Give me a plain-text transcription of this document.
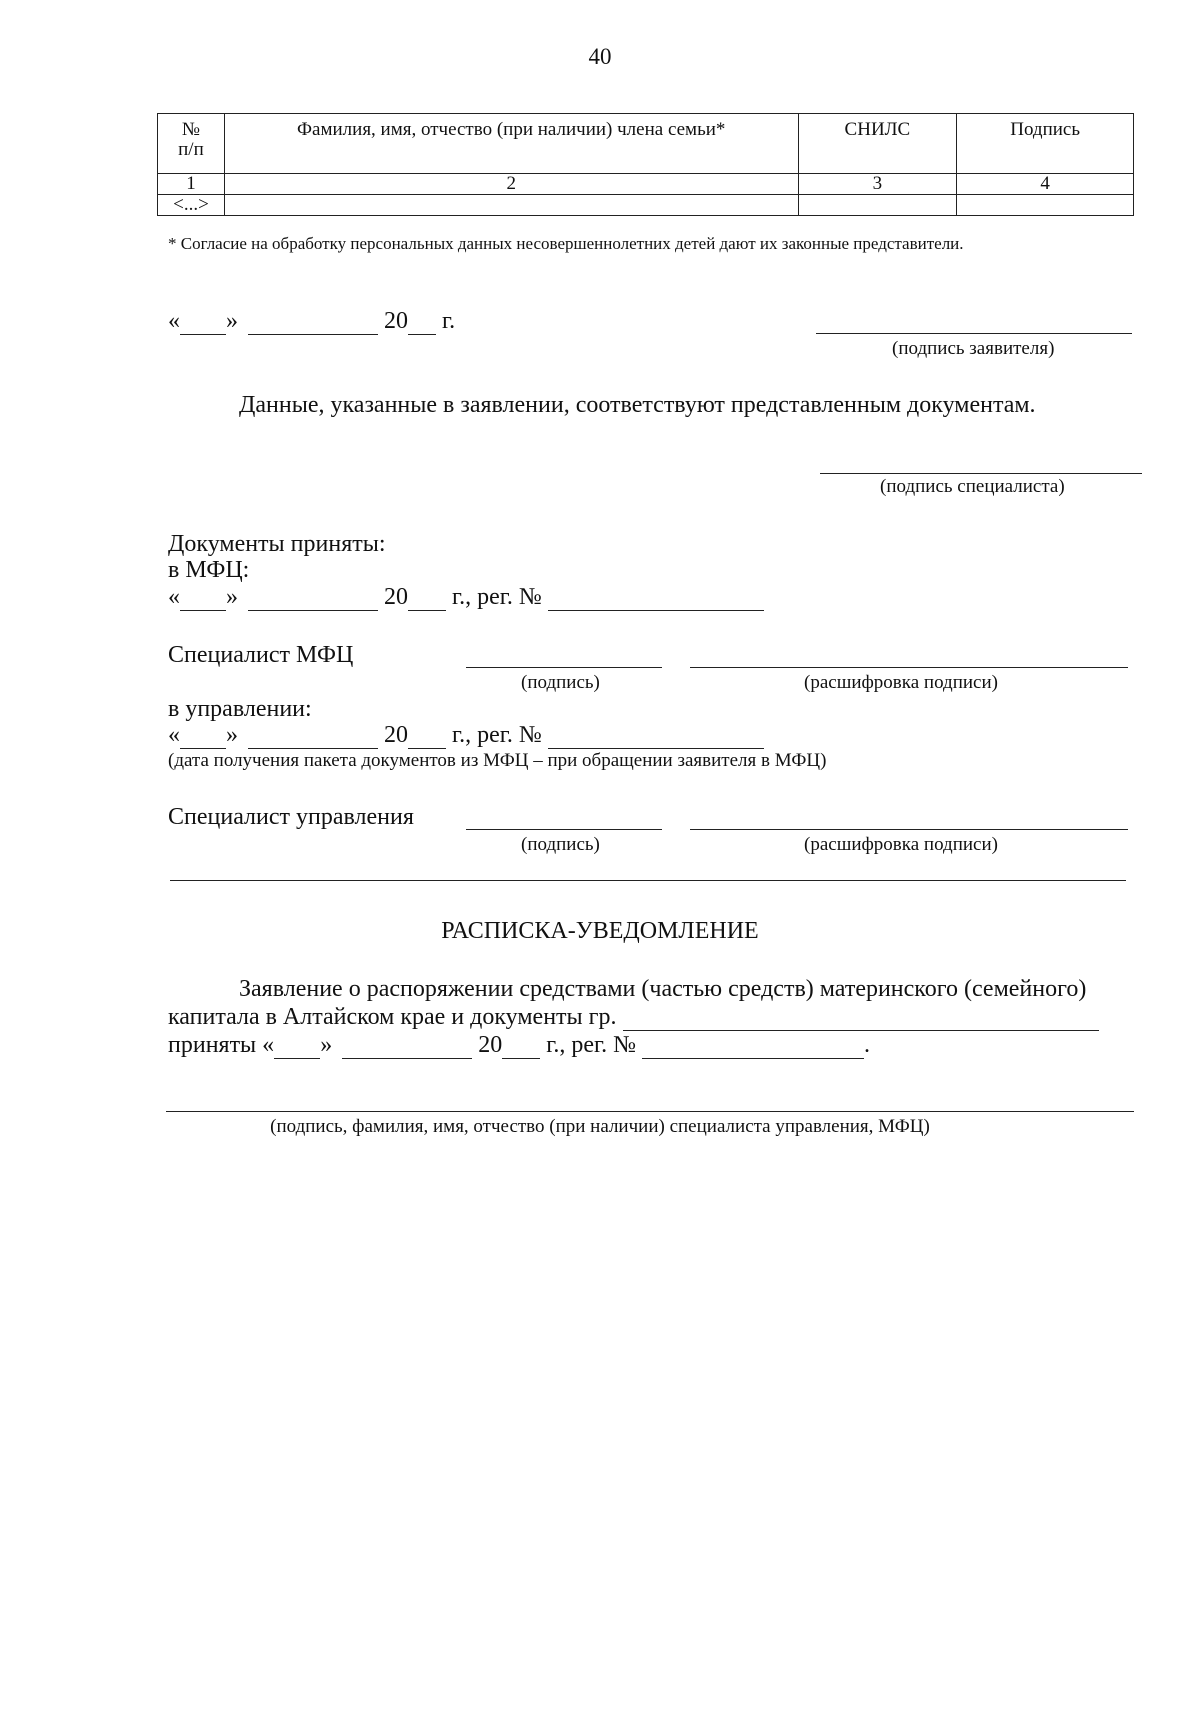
40
№
п/п	Фамилия, имя, отчество (при наличии) члена семьи*	СНИЛС	Подпись
1	2	3	4
<...>			
* Согласие на обработку персональных данных несовершеннолетних детей дают их законные представители.
« »	20 г.
(подпись заявителя)
Данные, указанные в заявлении, соответствуют представленным документам.
(подпись специалиста)
Документы приняты:
в МФЦ:
« »	20 г., рег. №
Специалист МФЦ
(подпись)	(расшифровка подписи)
в управлении:
« »	20 г., рег. №
(дата получения пакета документов из МФЦ – при обращении заявителя в МФЦ)
Специалист управления
(подпись)	(расшифровка подписи)
РАСПИСКА-УВЕДОМЛЕНИЕ
Заявление о распоряжении средствами (частью средств) материнского (семейного)
капитала в Алтайском крае и документы гр.
приняты « »	20 г., рег. №	.
(подпись, фамилия, имя, отчество (при наличии) специалиста управления, МФЦ)
